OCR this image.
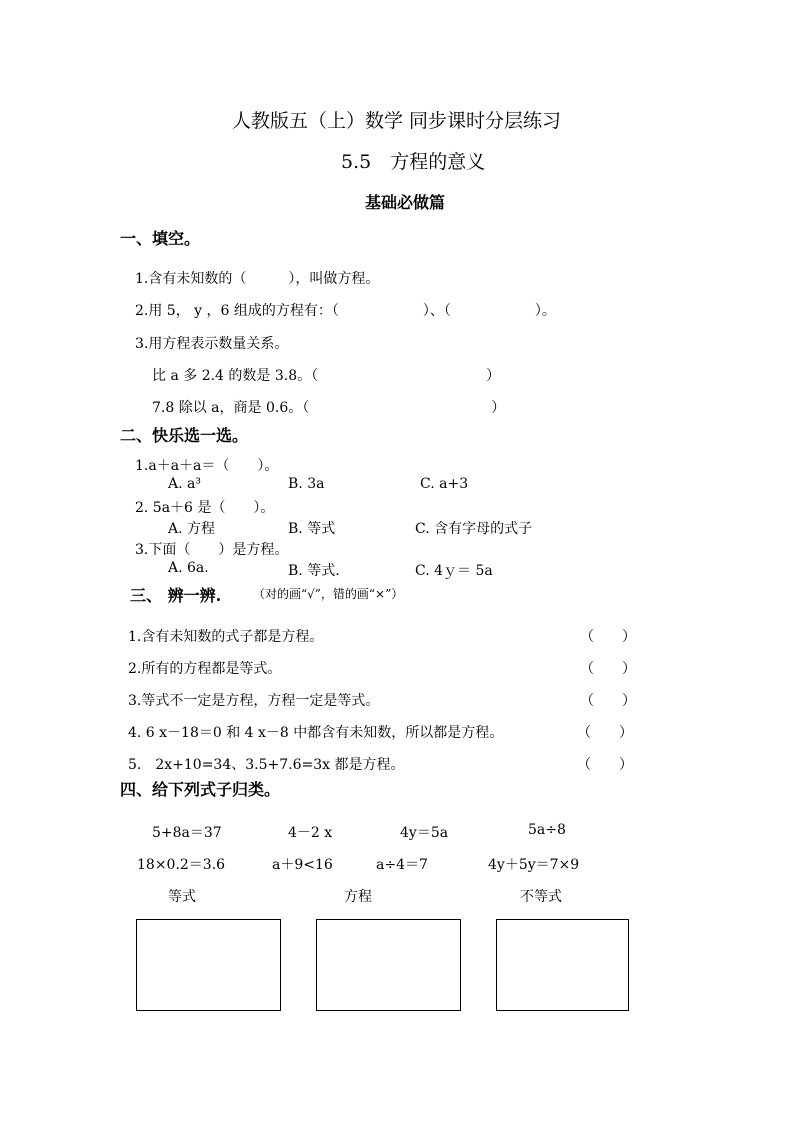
人教版五（上）数学 同步课时分层练习
5.5　方程的意义
基础必做篇
一、填空。
1.含有未知数的（　　　），叫做方程。
2.用 5， y ，6 组成的方程有：（　　　　　　）、（　　　　　　）。
3.用方程表示数量关系。
比 a 多 2.4 的数是 3.8。（　　　　　　　　　　　　）
7.8 除以 a，商是 0.6。（　　　　　　　　　　　　　）
二、快乐选一选。
1.a＋a＋a＝（　　）。
A. a³	B. 3a	C. a+3
2. 5a＋6 是（　　）。
A. 方程	B. 等式	C. 含有字母的式子
3.下面（　　）是方程。
A. 6a.	B. 等式.	C. 4ｙ＝ 5a
三、 辨一辨.	（对的画“√”，错的画“×”）
1.含有未知数的式子都是方程。	（　　）
2.所有的方程都是等式。	（　　）
3.等式不一定是方程，方程一定是等式。	（　　）
4. 6 x－18＝0 和 4 x－8 中都含有未知数，所以都是方程。	（　　）
5.　2x+10=34、3.5+7.6=3x 都是方程。	（　　）
四、给下列式子归类。
5+8a＝37	4－2 x	4y＝5a	5a÷8
18×0.2＝3.6	a＋9<16	a÷4＝7	4y＋5y＝7×9
等式	方程	不等式
